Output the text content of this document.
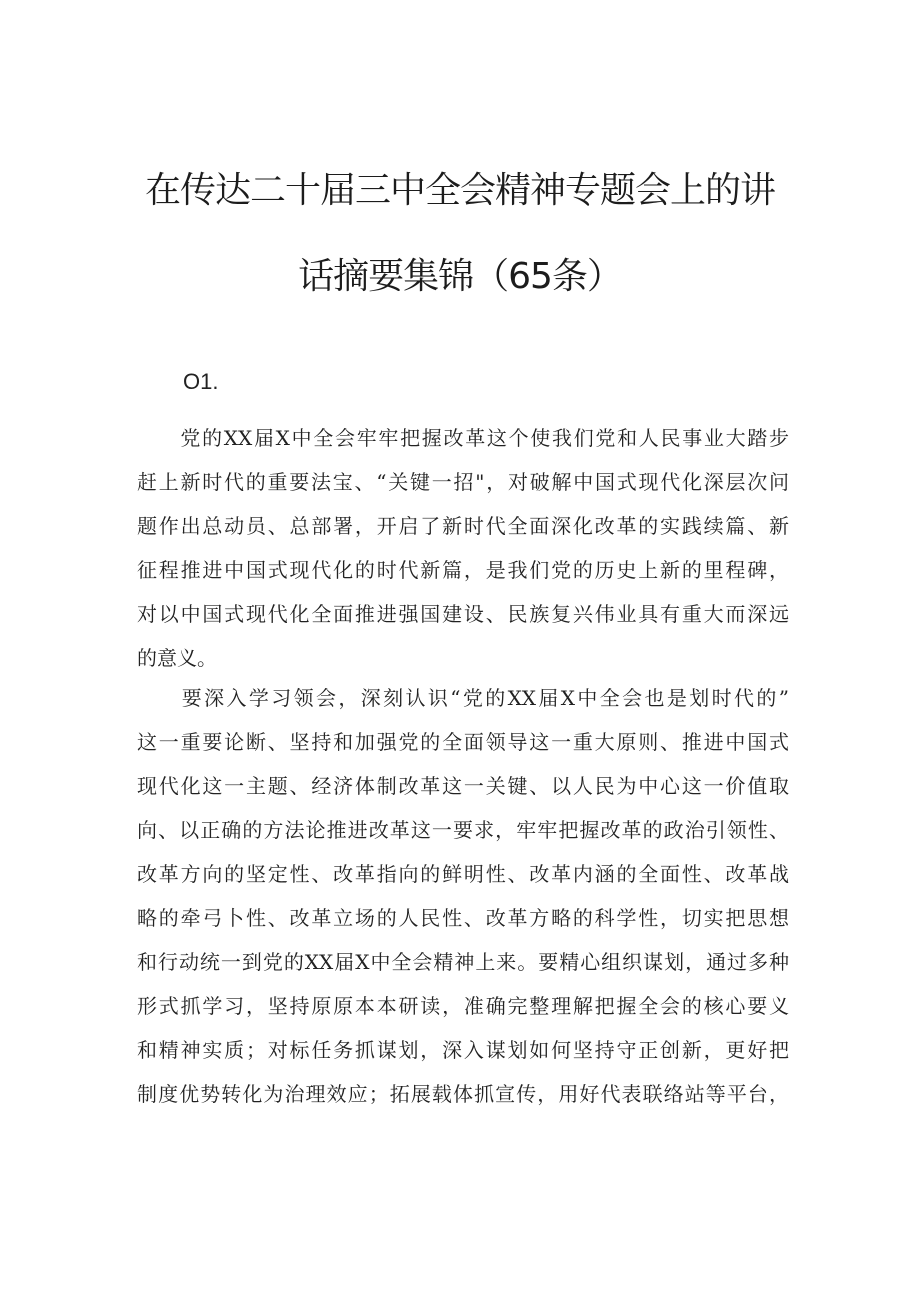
在传达二十届三中全会精神专题会上的讲
话摘要集锦（65条）
O1.
　　党的XX届X中全会牢牢把握改革这个使我们党和人民事业大踏步
赶上新时代的重要法宝、“关键一招"，对破解中国式现代化深层次问
题作出总动员、总部署，开启了新时代全面深化改革的实践续篇、新
征程推进中国式现代化的时代新篇，是我们党的历史上新的里程碑，
对以中国式现代化全面推进强国建设、民族复兴伟业具有重大而深远
的意义。
　　要深入学习领会，深刻认识“党的XX届X中全会也是划时代的”
这一重要论断、坚持和加强党的全面领导这一重大原则、推进中国式
现代化这一主题、经济体制改革这一关键、以人民为中心这一价值取
向、以正确的方法论推进改革这一要求，牢牢把握改革的政治引领性、
改革方向的坚定性、改革指向的鲜明性、改革内涵的全面性、改革战
略的牵弓卜性、改革立场的人民性、改革方略的科学性，切实把思想
和行动统一到党的XX届X中全会精神上来。要精心组织谋划，通过多种
形式抓学习，坚持原原本本研读，准确完整理解把握全会的核心要义
和精神实质；对标任务抓谋划，深入谋划如何坚持守正创新，更好把
制度优势转化为治理效应；拓展载体抓宣传，用好代表联络站等平台，
